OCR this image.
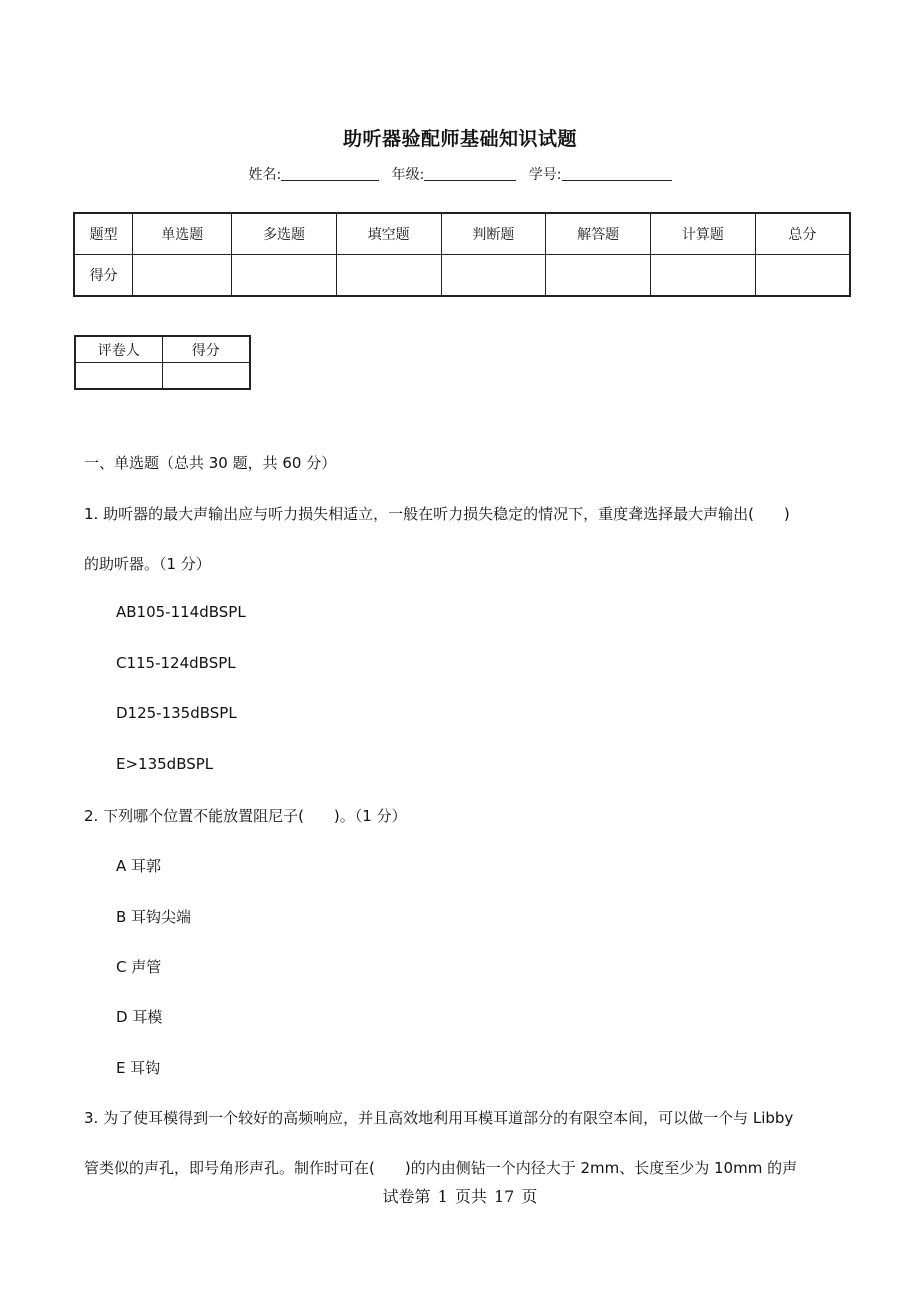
助听器验配师基础知识试题
姓名:	年级:	学号:
题型	单选题	多选题	填空题	判断题	解答题	计算题	总分
得分							
评卷人	得分

一、单选题（总共 30 题，共 60 分）
1. 助听器的最大声输出应与听力损失相适立，一般在听力损失稳定的情况下，重度聋选择最大声输出(　　)
的助听器。（1 分）
AB105-114dBSPL
C115-124dBSPL
D125-135dBSPL
E>135dBSPL
2. 下列哪个位置不能放置阻尼子(　　)。（1 分）
A 耳郭
B 耳钩尖端
C 声管
D 耳模
E 耳钩
3. 为了使耳模得到一个较好的高频响应，并且高效地利用耳模耳道部分的有限空本间，可以做一个与 Libby
管类似的声孔，即号角形声孔。制作时可在(　　)的内由侧钻一个内径大于 2mm、长度至少为 10mm 的声
试卷第 1 页共 17 页
